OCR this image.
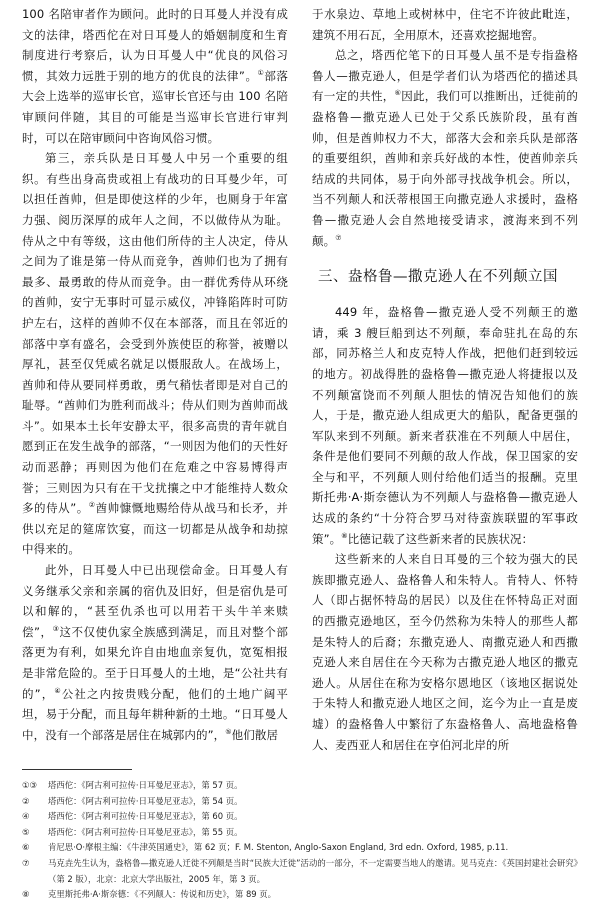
100 名陪审者作为顾问。此时的日耳曼人并没有成文的法律，塔西佗在对日耳曼人的婚姻制度和生育制度进行考察后，认为日耳曼人中“优良的风俗习惯，其效力远胜于别的地方的优良的法律”。①部落大会上选举的巡审长官，巡审长官还与由 100 名陪审顾问伴随，其目的可能是当巡审长官进行审判时，可以在陪审顾问中咨询风俗习惯。

第三，亲兵队是日耳曼人中另一个重要的组织。有些出身高贵或祖上有战功的日耳曼少年，可以担任酋帅，但是即使这样的少年，也厕身于年富力强、阅历深厚的成年人之间，不以做侍从为耻。侍从之中有等级，这由他们所侍的主人决定，侍从之间为了谁是第一侍从而竞争，酋帅们也为了拥有最多、最勇敢的侍从而竞争。由一群优秀侍从环绕的酋帅，安宁无事时可显示威仪，冲锋陷阵时可防护左右，这样的酋帅不仅在本部落，而且在邻近的部落中享有盛名，会受到外族使臣的称誉，被赠以厚礼，甚至仅凭威名就足以慑服敌人。在战场上，酋帅和侍从要同样勇敢，勇气稍怯者即是对自己的耻辱。“酋帅们为胜利而战斗；侍从们则为酋帅而战斗”。如果本土长年安静太平，很多高贵的青年就自愿到正在发生战争的部落，“一则因为他们的天性好动而恶静；再则因为他们在危难之中容易博得声誉；三则因为只有在干戈扰攘之中才能维持人数众多的侍从”。②酋帅慷慨地赐给侍从战马和长矛，并供以充足的筵席饮宴，而这一切都是从战争和劫掠中得来的。

此外，日耳曼人中已出现偿命金。日耳曼人有义务继承父亲和亲属的宿仇及旧好，但是宿仇是可以和解的，“甚至仇杀也可以用若干头牛羊来赎偿”，③这不仅使仇家全族感到满足，而且对整个部落更为有利，如果允许自由地血亲复仇，宽冤相报是非常危险的。至于日耳曼人的土地，是“公社共有的”，④公社之内按贵贱分配，他们的土地广阔平坦，易于分配，而且每年耕种新的土地。“日耳曼人中，没有一个部落是居住在城郭内的”，⑤他们散居

于水泉边、草地上或树林中，住宅不许彼此毗连，建筑不用石瓦，全用原木，还喜欢挖掘地窖。

总之，塔西佗笔下的日耳曼人虽不是专指盎格鲁人—撒克逊人，但是学者们认为塔西佗的描述具有一定的共性，⑥因此，我们可以推断出，迁徙前的盎格鲁—撒克逊人已处于父系氏族阶段，虽有酋帅，但是酋帅权力不大，部落大会和亲兵队是部落的重要组织，酋帅和亲兵好战的本性，使酋帅亲兵结成的共同体，易于向外部寻找战争机会。所以，当不列颠人和沃蒂根国王向撒克逊人求援时，盎格鲁—撒克逊人会自然地接受请求，渡海来到不列颠。⑦

三、盎格鲁—撒克逊人在不列颠立国

449 年，盎格鲁—撒克逊人受不列颠王的邀请，乘 3 艘巨船到达不列颠，奉命驻扎在岛的东部，同苏格兰人和皮克特人作战，把他们赶到较远的地方。初战得胜的盎格鲁—撒克逊人将捷报以及不列颠富饶而不列颠人胆怯的情况告知他们的族人，于是，撒克逊人组成更大的船队，配备更强的军队来到不列颠。新来者获准在不列颠人中居住，条件是他们要同不列颠的敌人作战，保卫国家的安全与和平，不列颠人则付给他们适当的报酬。克里斯托弗·A·斯奈德认为不列颠人与盎格鲁—撒克逊人达成的条约“十分符合罗马对待蛮族联盟的军事政策”。⑧比德记载了这些新来者的民族状况：

这些新来的人来自日耳曼的三个较为强大的民族即撒克逊人、盎格鲁人和朱特人。肯特人、怀特人（即占据怀特岛的居民）以及住在怀特岛正对面的西撒克逊地区，至今仍然称为朱特人的那些人都是朱特人的后裔；东撒克逊人、南撒克逊人和西撒克逊人来自居住在今天称为古撒克逊人地区的撒克逊人。从居住在称为安格尔恩地区（该地区据说处于朱特人和撒克逊人地区之间，迄今为止一直是废墟）的盎格鲁人中繁衍了东盎格鲁人、高地盎格鲁人、麦西亚人和居住在亨伯河北岸的所

①③	塔西佗：《阿古利可拉传·日耳曼尼亚志》，第 57 页。
②	塔西佗：《阿古利可拉传·日耳曼尼亚志》，第 54 页。
④	塔西佗：《阿古利可拉传·日耳曼尼亚志》，第 60 页。
⑤	塔西佗：《阿古利可拉传·日耳曼尼亚志》，第 55 页。
⑥	肯尼思·O·摩根主编：《牛津英国通史》，第 62 页；F. M. Stenton, Anglo-Saxon England, 3rd edn. Oxford, 1985, p.11.
⑦	马克垚先生认为，盎格鲁—撒克逊人迁徙不列颠是当时“民族大迁徙”活动的一部分，不一定需要当地人的邀请。见马克垚：《英国封建社会研究》（第 2 版），北京：北京大学出版社，2005 年，第 3 页。
⑧	克里斯托弗·A·斯奈德：《不列颠人：传说和历史》，第 89 页。
